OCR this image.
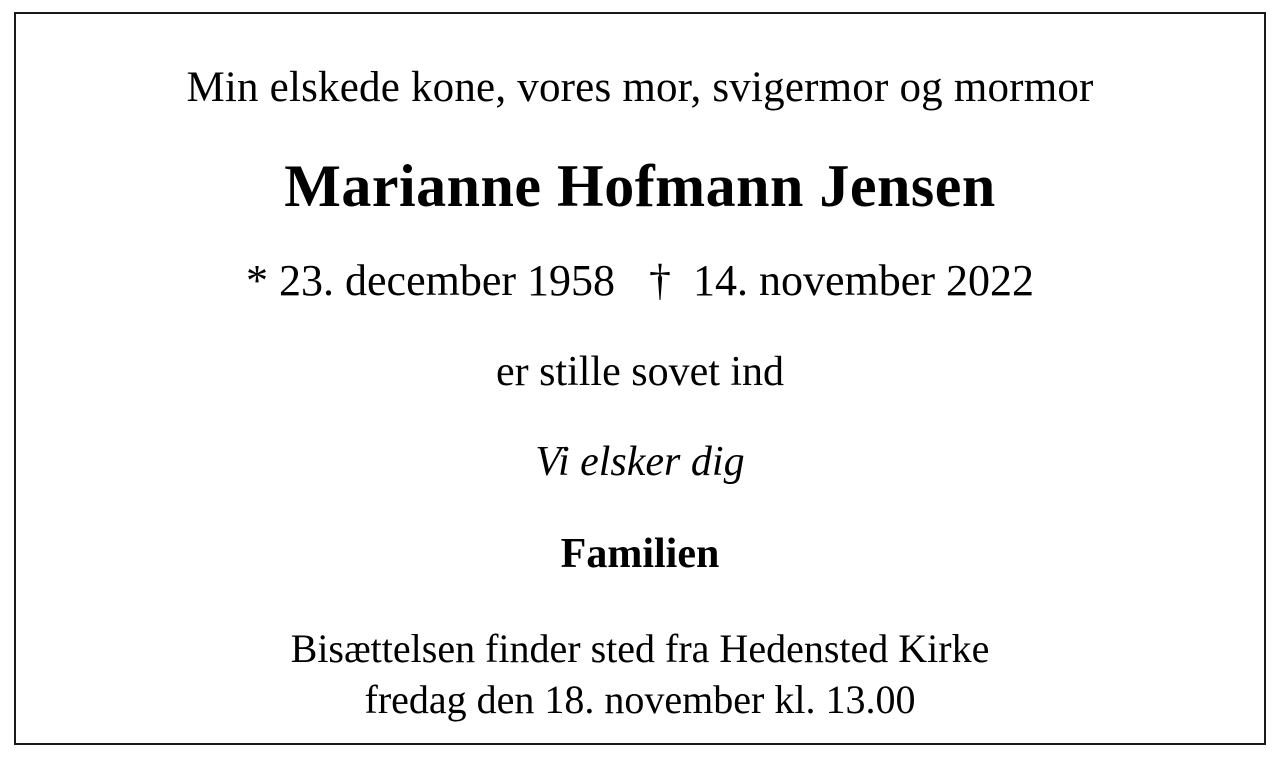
Min elskede kone, vores mor, svigermor og mormor
Marianne Hofmann Jensen
* 23. december 1958 †  14. november 2022
er stille sovet ind
Vi elsker dig
Familien
Bisættelsen finder sted fra Hedensted Kirke
fredag den 18. november kl. 13.00
